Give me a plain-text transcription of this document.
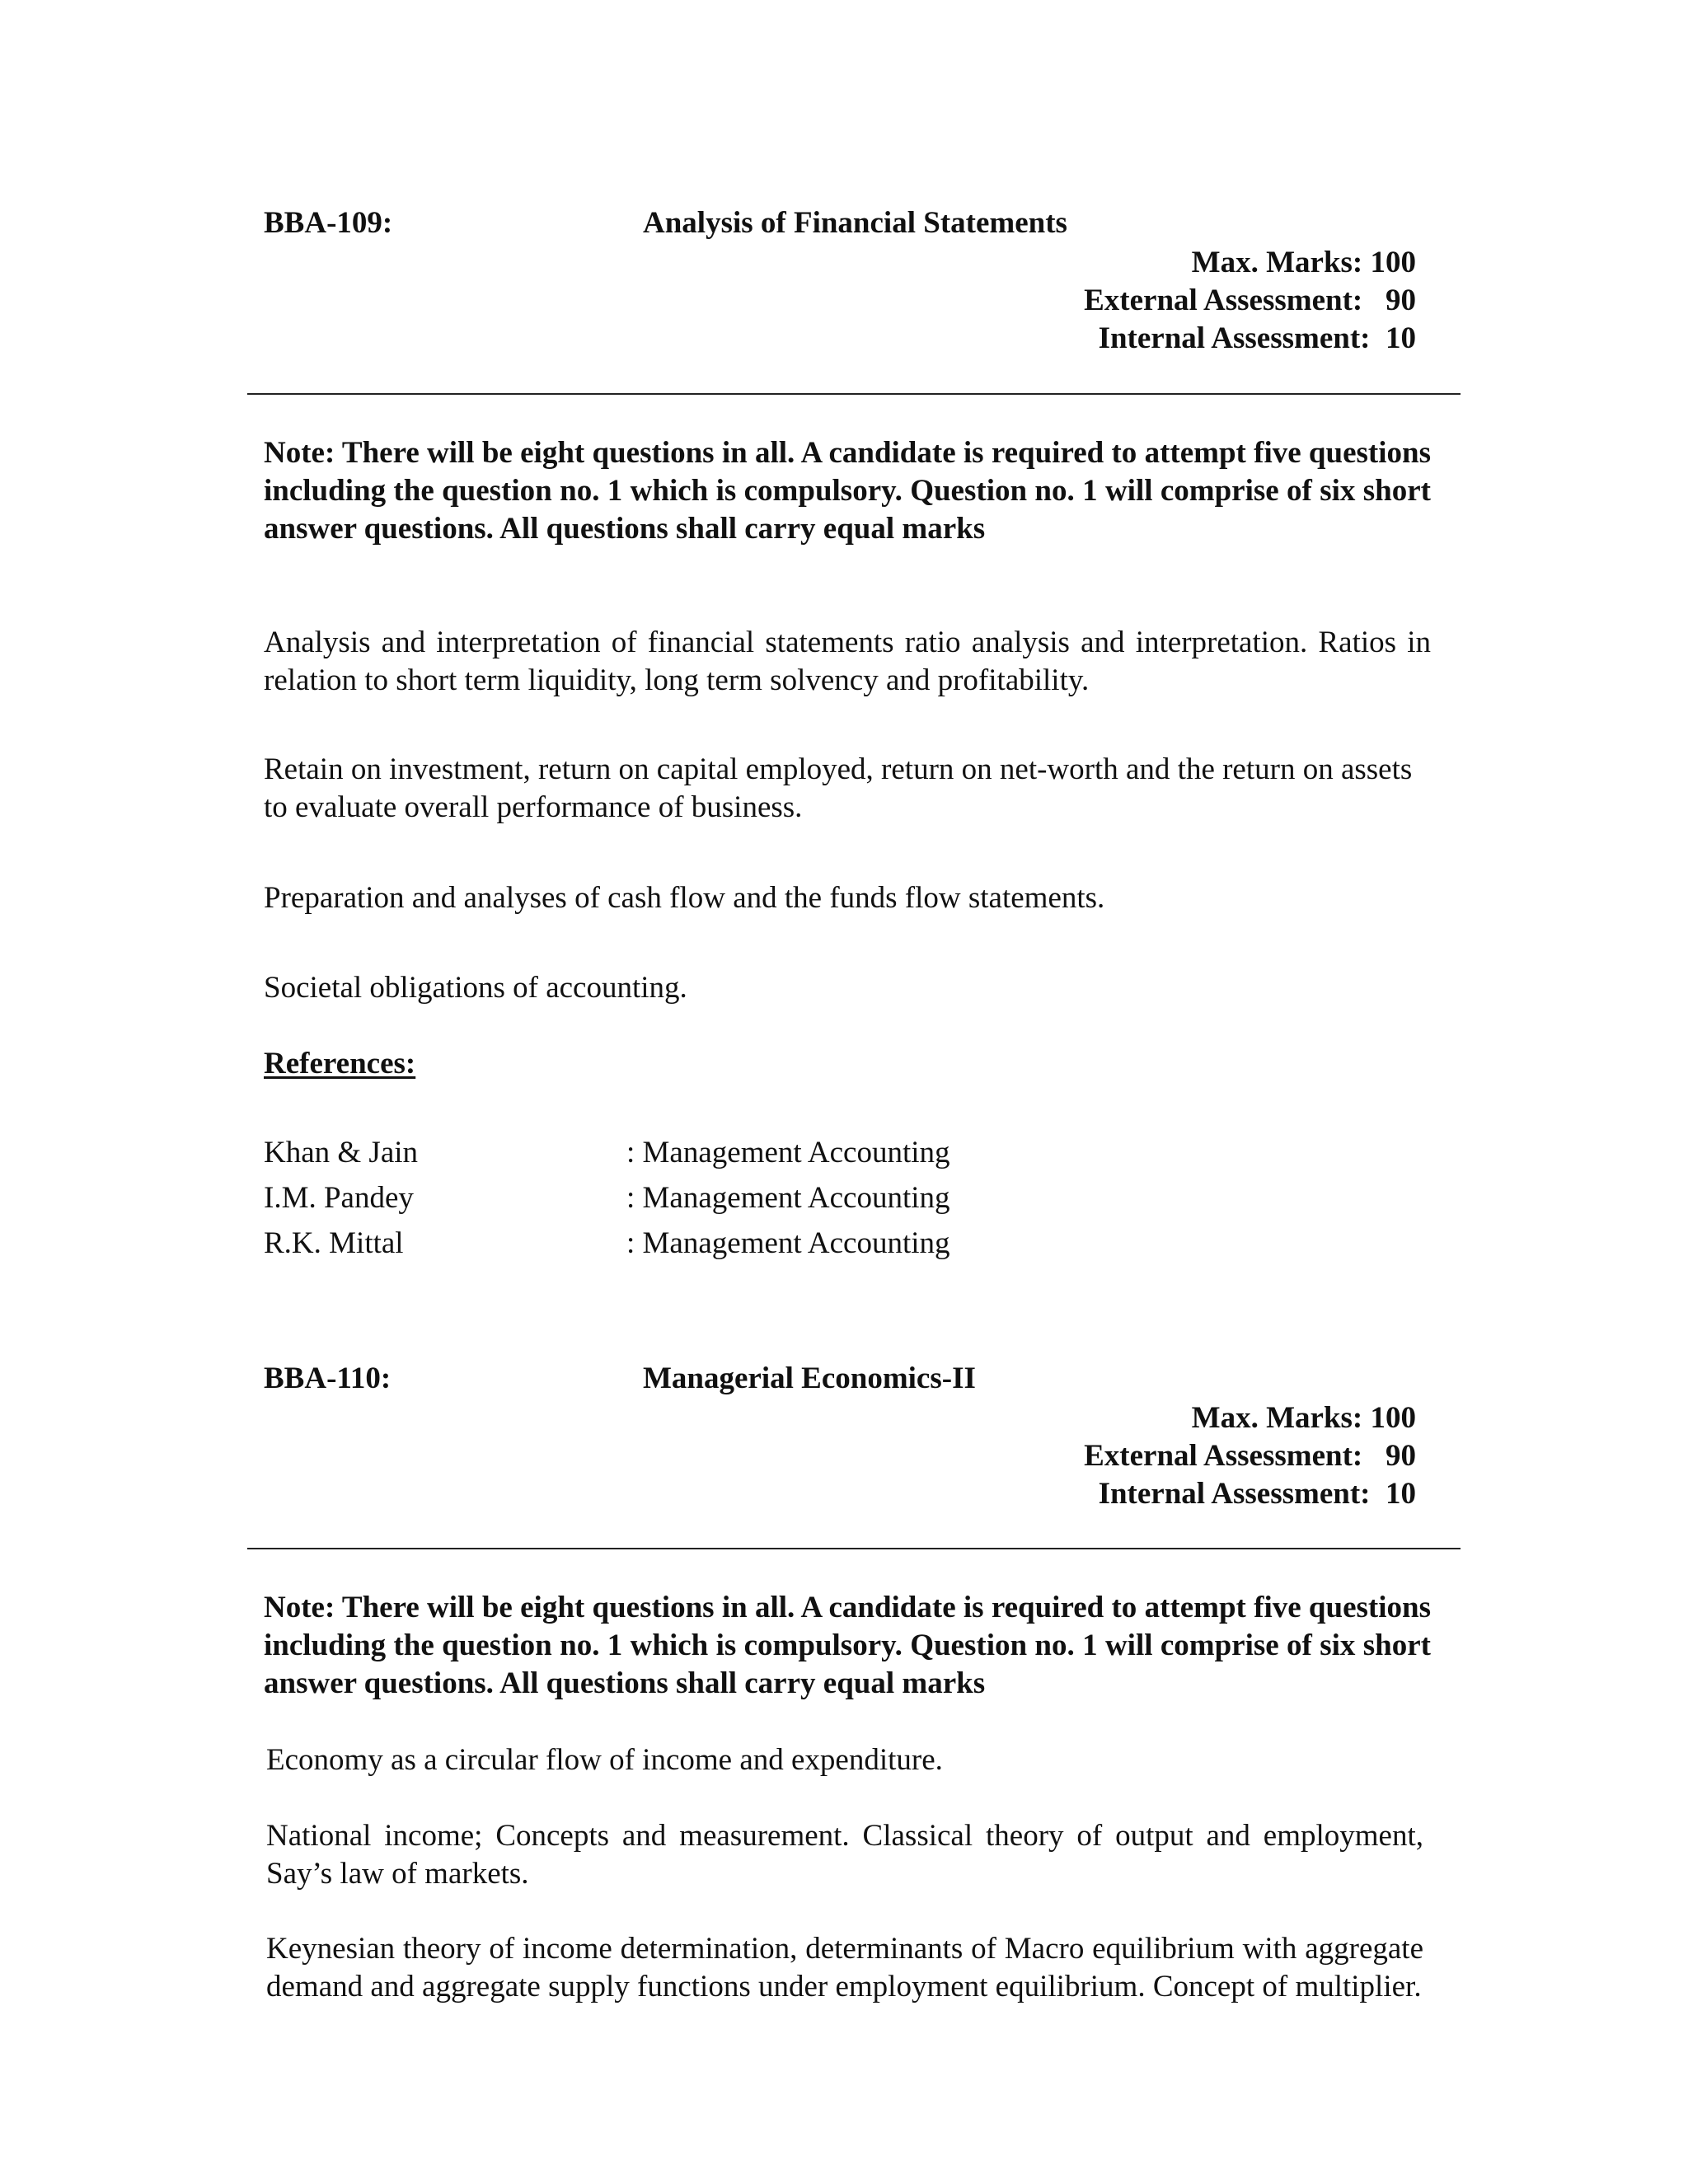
BBA-109:	Analysis of Financial Statements
Max. Marks: 100
External Assessment:   90
Internal Assessment:  10

Note: There will be eight questions in all. A candidate is required to attempt five questions including the question no. 1 which is compulsory. Question no. 1 will comprise of six short answer questions. All questions shall carry equal marks

Analysis and interpretation of financial statements ratio analysis and interpretation. Ratios in relation to short term liquidity, long term solvency and profitability.

Retain on investment, return on capital employed, return on net-worth and the return on assets to evaluate overall performance of business.

Preparation and analyses of cash flow and the funds flow statements.

Societal obligations of accounting.

References:
Khan & Jain	: Management Accounting
I.M. Pandey	: Management Accounting
R.K. Mittal	: Management Accounting
BBA-110:	Managerial Economics-II
Max. Marks: 100
External Assessment:   90
Internal Assessment:  10

Note: There will be eight questions in all. A candidate is required to attempt five questions including the question no. 1 which is compulsory. Question no. 1 will comprise of six short answer questions. All questions shall carry equal marks

Economy as a circular flow of income and expenditure.

National income; Concepts and measurement. Classical theory of output and employment, Say’s law of markets.

Keynesian theory of income determination, determinants of Macro equilibrium with aggregate demand and aggregate supply functions under employment equilibrium. Concept of multiplier.
